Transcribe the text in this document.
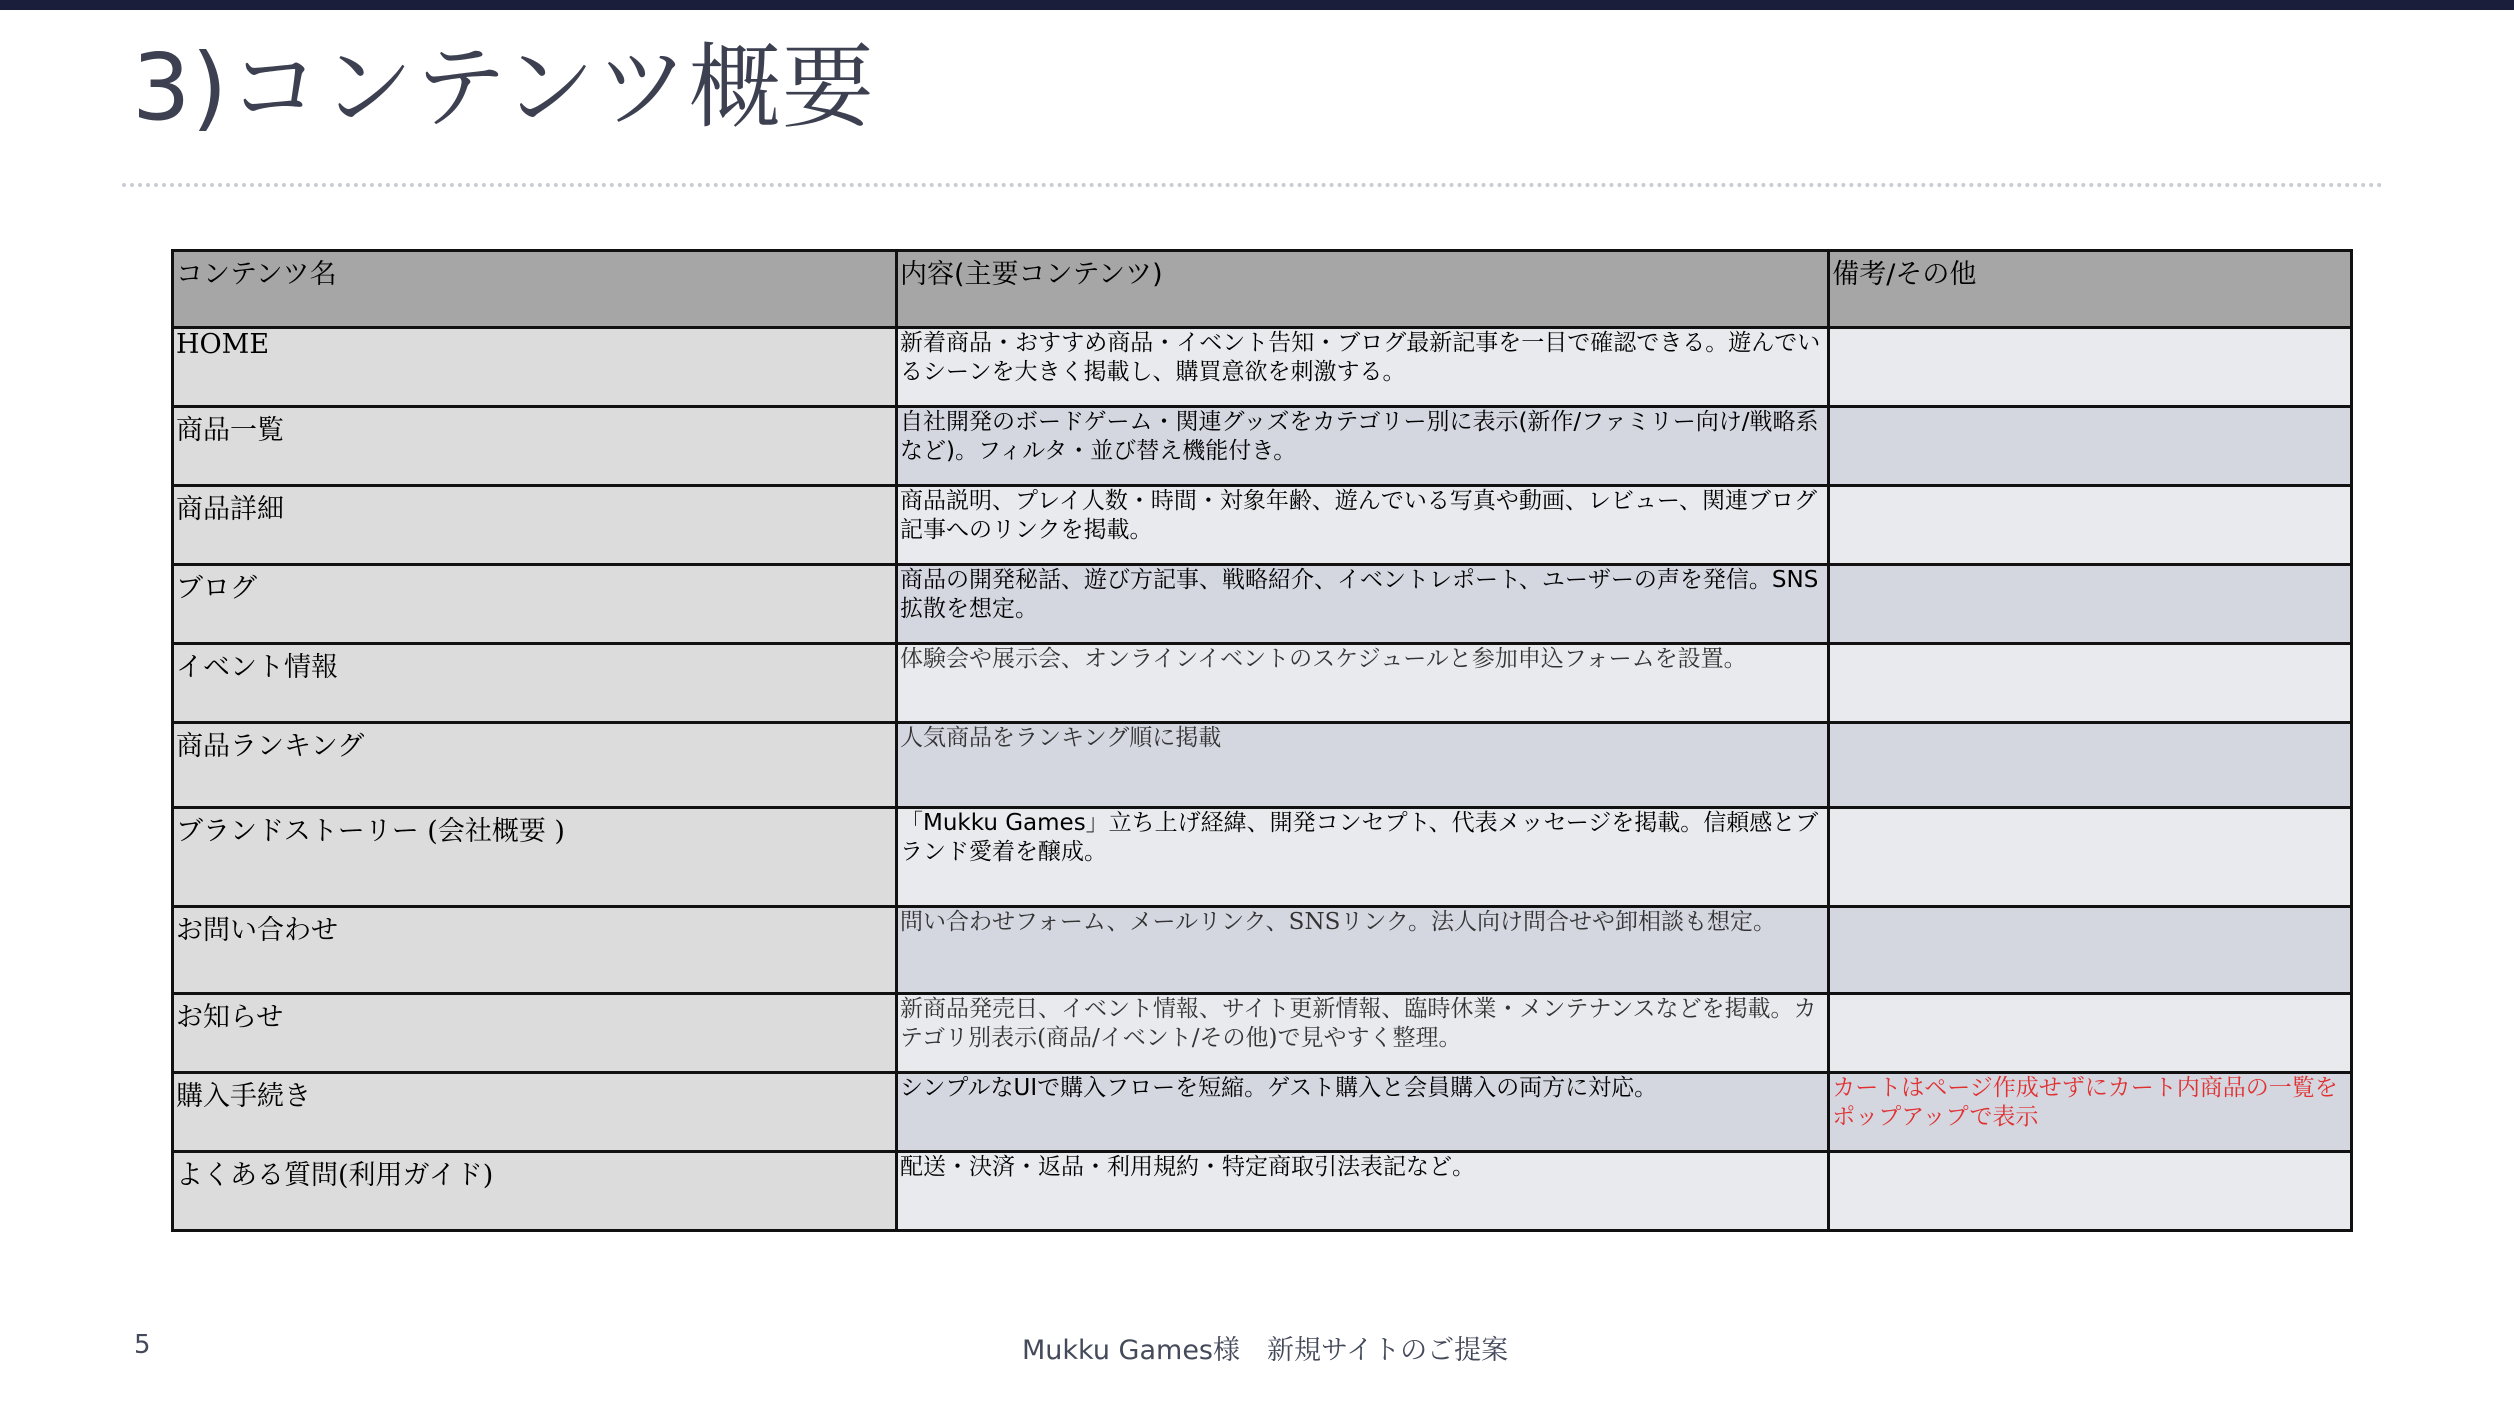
3)コンテンツ概要
コンテンツ名	内容(主要コンテンツ)	備考/その他
HOME	新着商品・おすすめ商品・イベント告知・ブログ最新記事を一目で確認できる。遊んでいるシーンを大きく掲載し、購買意欲を刺激する。	
商品一覧	自社開発のボードゲーム・関連グッズをカテゴリー別に表示(新作/ファミリー向け/戦略系など)。フィルタ・並び替え機能付き。	
商品詳細	商品説明、プレイ人数・時間・対象年齢、遊んでいる写真や動画、レビュー、関連ブログ記事へのリンクを掲載。	
ブログ	商品の開発秘話、遊び方記事、戦略紹介、イベントレポート、ユーザーの声を発信。SNS拡散を想定。	
イベント情報	体験会や展示会、オンラインイベントのスケジュールと参加申込フォームを設置。	
商品ランキング	人気商品をランキング順に掲載	
ブランドストーリー (会社概要 )	「Mukku Games」立ち上げ経緯、開発コンセプト、代表メッセージを掲載。信頼感とブランド愛着を醸成。	
お問い合わせ	問い合わせフォーム、メールリンク、SNSリンク。法人向け問合せや卸相談も想定。	
お知らせ	新商品発売日、イベント情報、サイト更新情報、臨時休業・メンテナンスなどを掲載。カテゴリ別表示(商品/イベント/その他)で見やすく整理。	
購入手続き	シンプルなUIで購入フローを短縮。ゲスト購入と会員購入の両方に対応。	カートはページ作成せずにカート内商品の一覧をポップアップで表示
よくある質問(利用ガイド)	配送・決済・返品・利用規約・特定商取引法表記など。	
5	Mukku Games様　新規サイトのご提案
